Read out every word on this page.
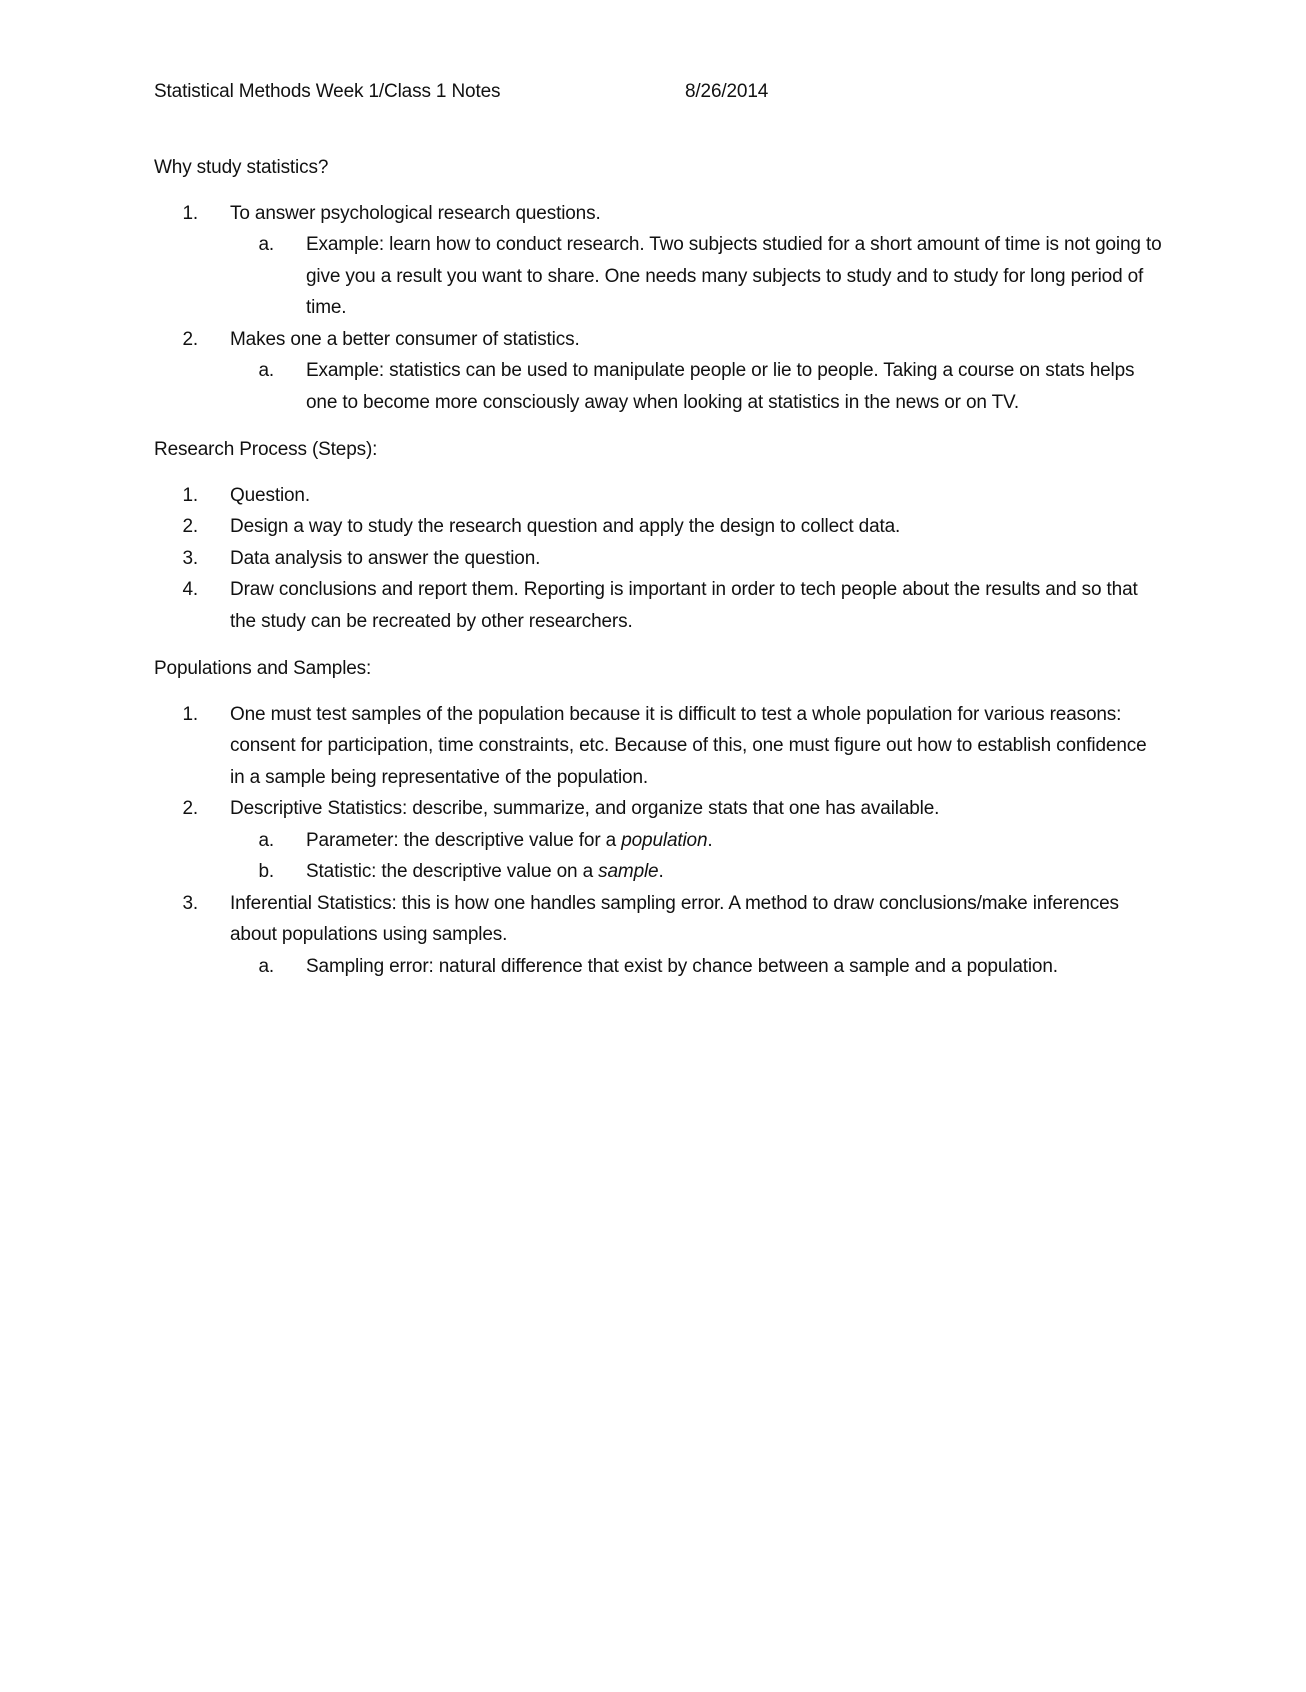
Statistical Methods Week 1/Class 1 Notes	8/26/2014

Why study statistics?

1. To answer psychological research questions.
a. Example: learn how to conduct research. Two subjects studied for a short amount of time is not going to give you a result you want to share. One needs many subjects to study and to study for long period of time.
2. Makes one a better consumer of statistics.
a. Example: statistics can be used to manipulate people or lie to people. Taking a course on stats helps one to become more consciously away when looking at statistics in the news or on TV.

Research Process (Steps):

1. Question.
2. Design a way to study the research question and apply the design to collect data.
3. Data analysis to answer the question.
4. Draw conclusions and report them. Reporting is important in order to tech people about the results and so that the study can be recreated by other researchers.

Populations and Samples:

1. One must test samples of the population because it is difficult to test a whole population for various reasons: consent for participation, time constraints, etc. Because of this, one must figure out how to establish confidence in a sample being representative of the population.
2. Descriptive Statistics: describe, summarize, and organize stats that one has available.
a. Parameter: the descriptive value for a population.
b. Statistic: the descriptive value on a sample.
3. Inferential Statistics: this is how one handles sampling error. A method to draw conclusions/make inferences about populations using samples.
a. Sampling error: natural difference that exist by chance between a sample and a population.
